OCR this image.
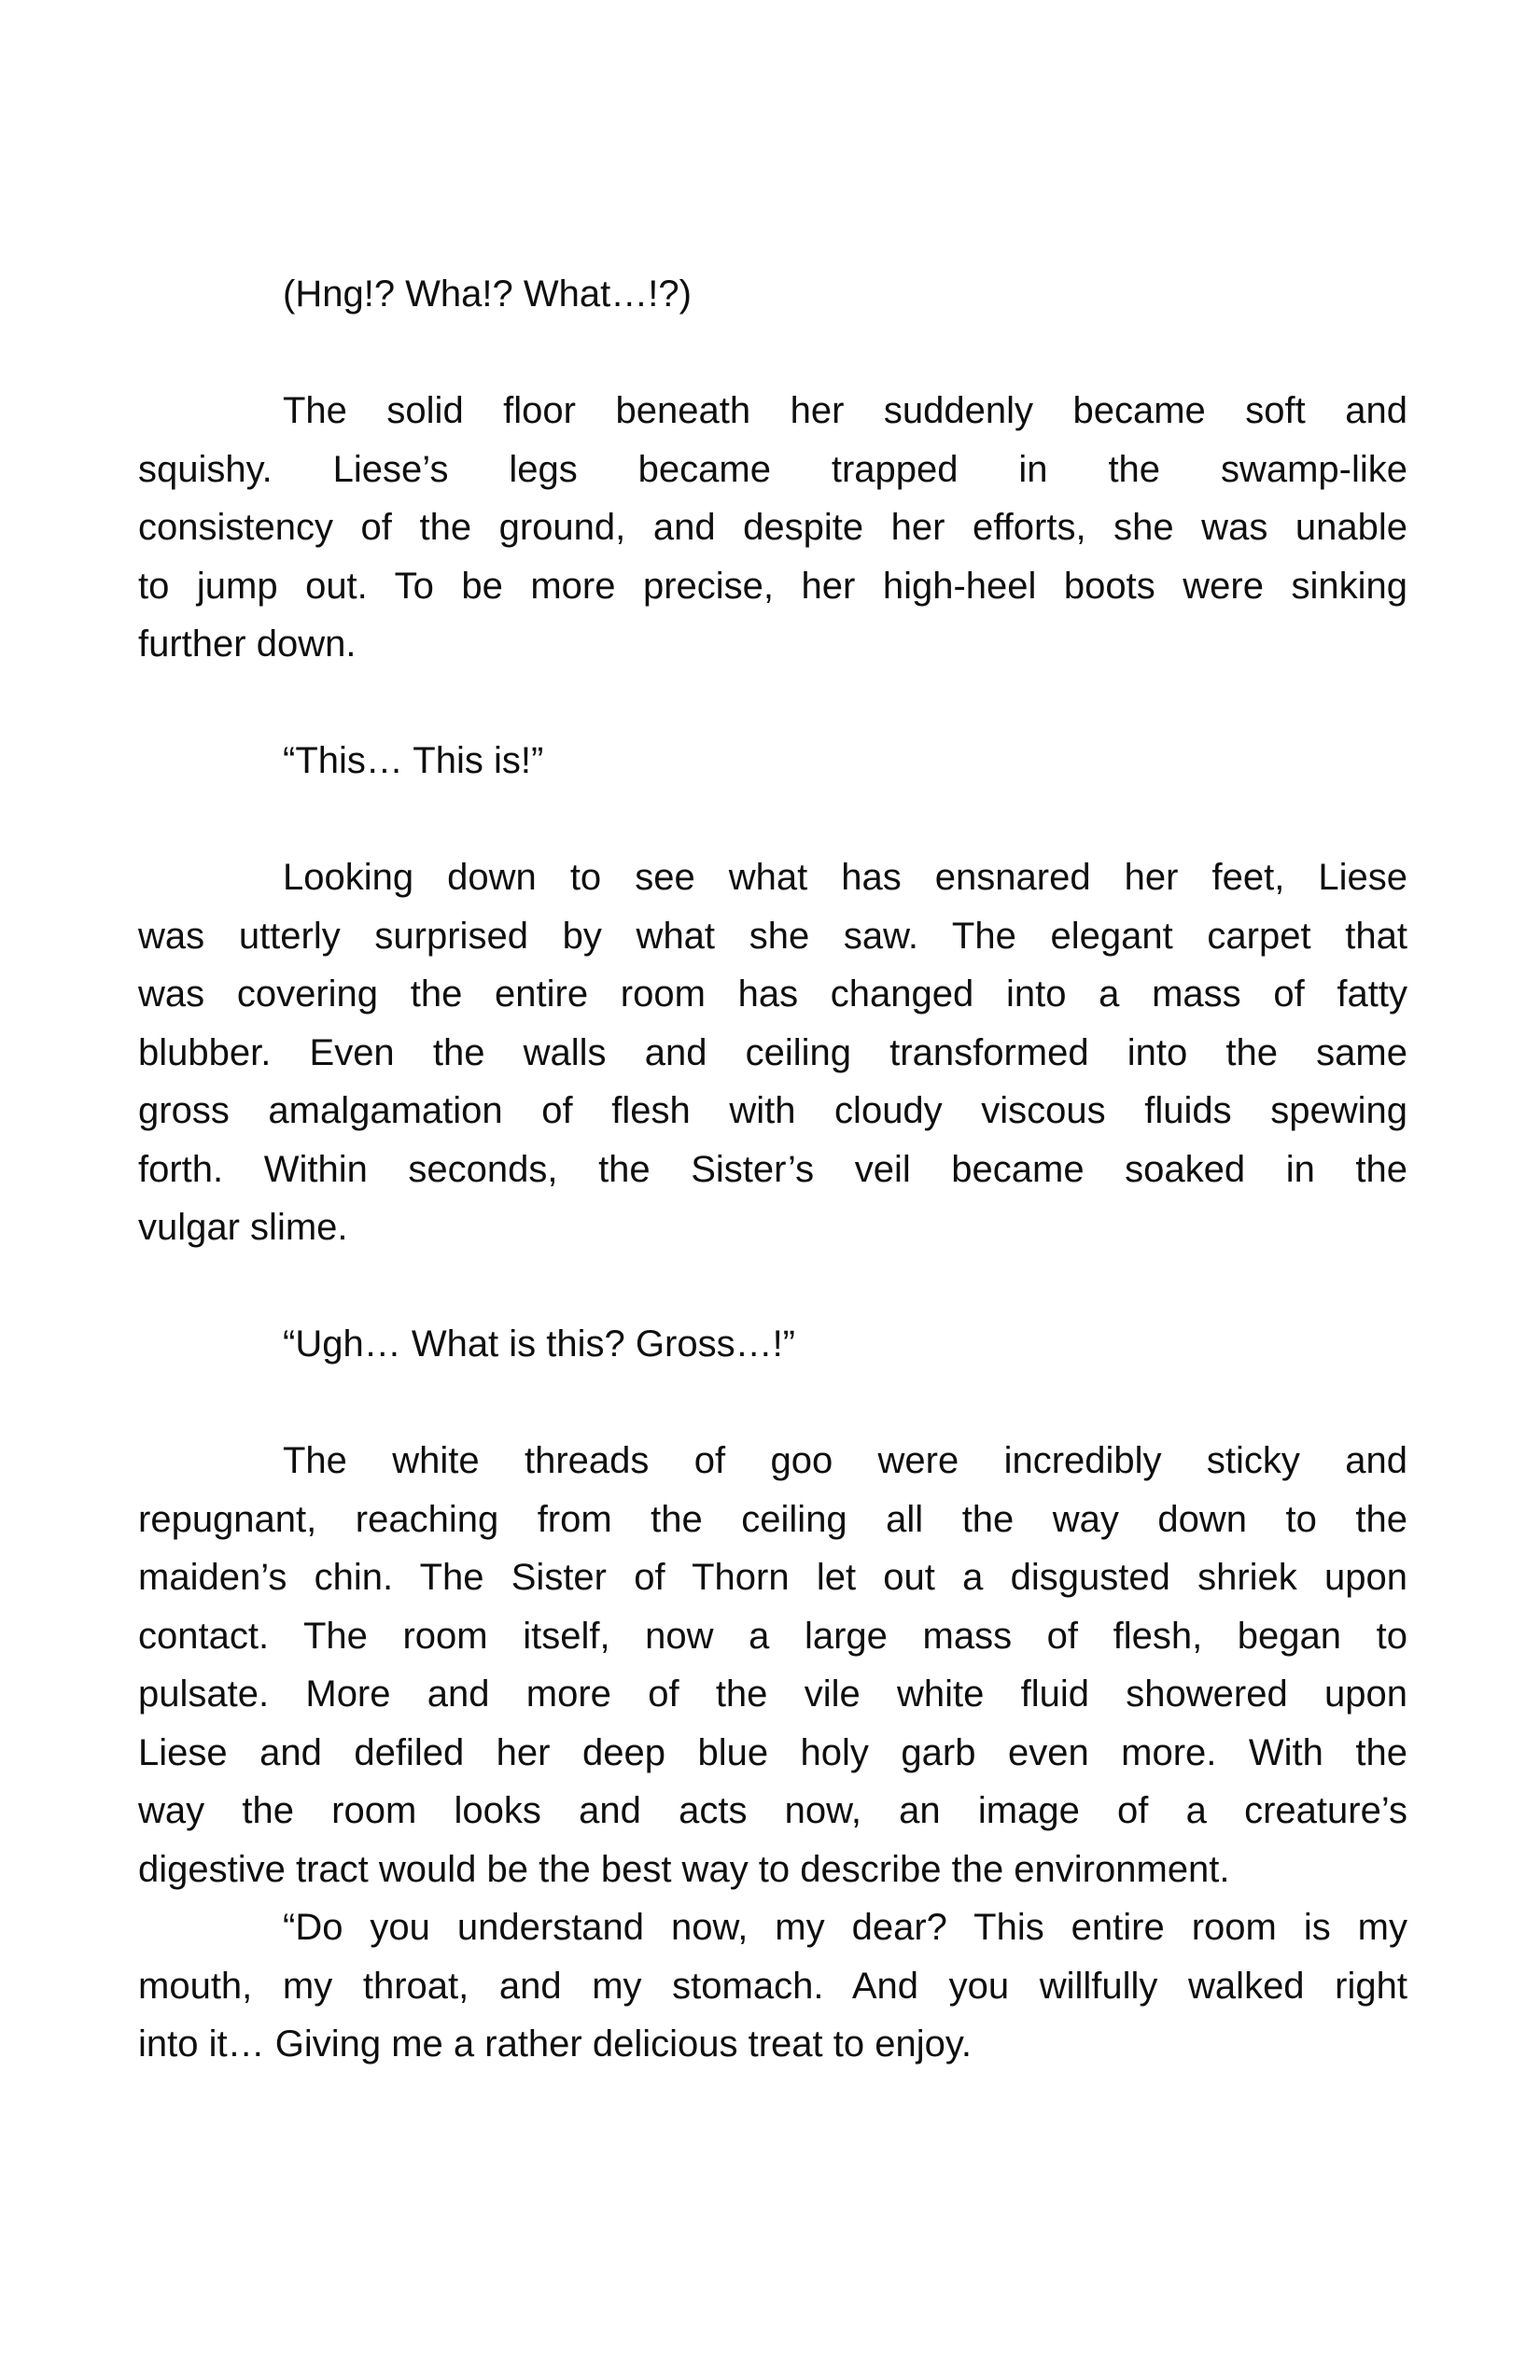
(Hng!? Wha!? What…!?)
The solid floor beneath her suddenly became soft and
squishy. Liese’s legs became trapped in the swamp-like
consistency of the ground, and despite her efforts, she was unable
to jump out. To be more precise, her high-heel boots were sinking
further down.
“This… This is!”
Looking down to see what has ensnared her feet, Liese
was utterly surprised by what she saw. The elegant carpet that
was covering the entire room has changed into a mass of fatty
blubber. Even the walls and ceiling transformed into the same
gross amalgamation of flesh with cloudy viscous fluids spewing
forth. Within seconds, the Sister’s veil became soaked in the
vulgar slime.
“Ugh… What is this? Gross…!”
The white threads of goo were incredibly sticky and
repugnant, reaching from the ceiling all the way down to the
maiden’s chin. The Sister of Thorn let out a disgusted shriek upon
contact. The room itself, now a large mass of flesh, began to
pulsate. More and more of the vile white fluid showered upon
Liese and defiled her deep blue holy garb even more. With the
way the room looks and acts now, an image of a creature’s
digestive tract would be the best way to describe the environment.
“Do you understand now, my dear? This entire room is my
mouth, my throat, and my stomach. And you willfully walked right
into it… Giving me a rather delicious treat to enjoy.
